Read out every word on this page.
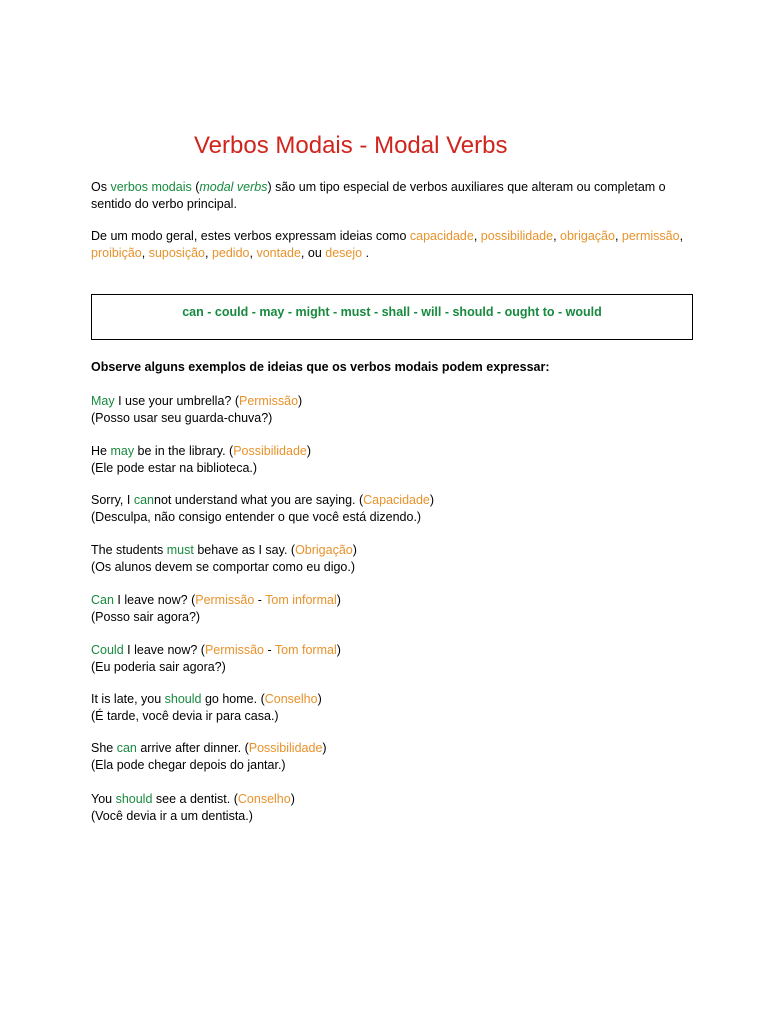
Verbos Modais - Modal Verbs
Os verbos modais (modal verbs) são um tipo especial de verbos auxiliares que alteram ou completam o sentido do verbo principal.
De um modo geral, estes verbos expressam ideias como capacidade, possibilidade, obrigação, permissão, proibição, suposição, pedido, vontade, ou desejo .
can - could - may - might - must - shall - will - should - ought to - would
Observe alguns exemplos de ideias que os verbos modais podem expressar:
May I use your umbrella? (Permissão)
(Posso usar seu guarda-chuva?)
He may be in the library. (Possibilidade)
(Ele pode estar na biblioteca.)
Sorry, I cannot understand what you are saying. (Capacidade)
(Desculpa, não consigo entender o que você está dizendo.)
The students must behave as I say. (Obrigação)
(Os alunos devem se comportar como eu digo.)
Can I leave now? (Permissão - Tom informal)
(Posso sair agora?)
Could I leave now? (Permissão - Tom formal)
(Eu poderia sair agora?)
It is late, you should go home. (Conselho)
(É tarde, você devia ir para casa.)
She can arrive after dinner. (Possibilidade)
(Ela pode chegar depois do jantar.)
You should see a dentist. (Conselho)
(Você devia ir a um dentista.)
